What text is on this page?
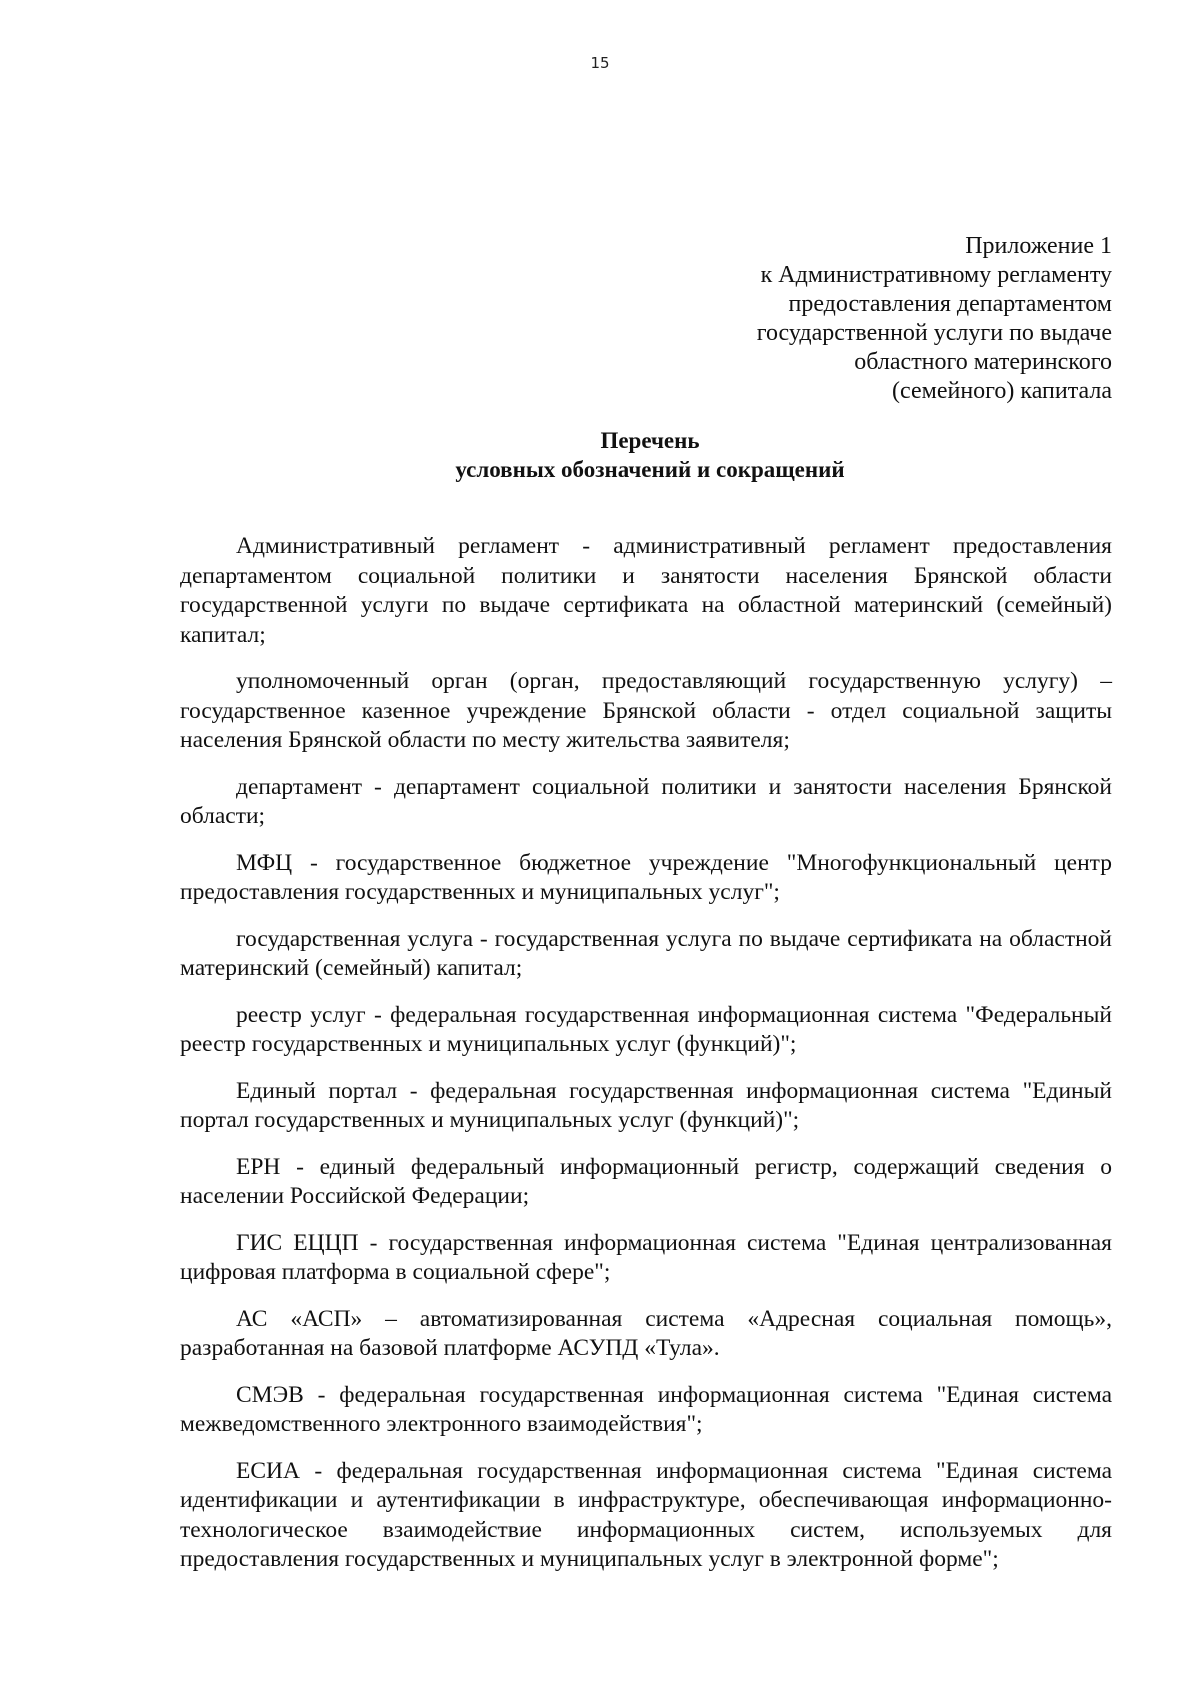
15
Приложение 1
к Административному регламенту
предоставления департаментом
государственной услуги по выдаче
областного материнского
(семейного) капитала
Перечень
условных обозначений и сокращений

Административный регламент - административный регламент предоставления департаментом социальной политики и занятости населения Брянской области государственной услуги по выдаче сертификата на областной материнский (семейный) капитал;

уполномоченный орган (орган, предоставляющий государственную услугу) – государственное казенное учреждение Брянской области - отдел социальной защиты населения Брянской области по месту жительства заявителя;

департамент - департамент социальной политики и занятости населения Брянской области;

МФЦ - государственное бюджетное учреждение "Многофункциональный центр предоставления государственных и муниципальных услуг";

государственная услуга - государственная услуга по выдаче сертификата на областной материнский (семейный) капитал;

реестр услуг - федеральная государственная информационная система "Федеральный реестр государственных и муниципальных услуг (функций)";

Единый портал - федеральная государственная информационная система "Единый портал государственных и муниципальных услуг (функций)";

ЕРН - единый федеральный информационный регистр, содержащий сведения о населении Российской Федерации;

ГИС ЕЦЦП - государственная информационная система "Единая централизованная цифровая платформа в социальной сфере";

АС «АСП» – автоматизированная система «Адресная социальная помощь», разработанная на базовой платформе АСУПД «Тула».

СМЭВ - федеральная государственная информационная система "Единая система межведомственного электронного взаимодействия";

ЕСИА - федеральная государственная информационная система "Единая система идентификации и аутентификации в инфраструктуре, обеспечивающая информационно-технологическое взаимодействие информационных систем, используемых для предоставления государственных и муниципальных услуг в электронной форме";
